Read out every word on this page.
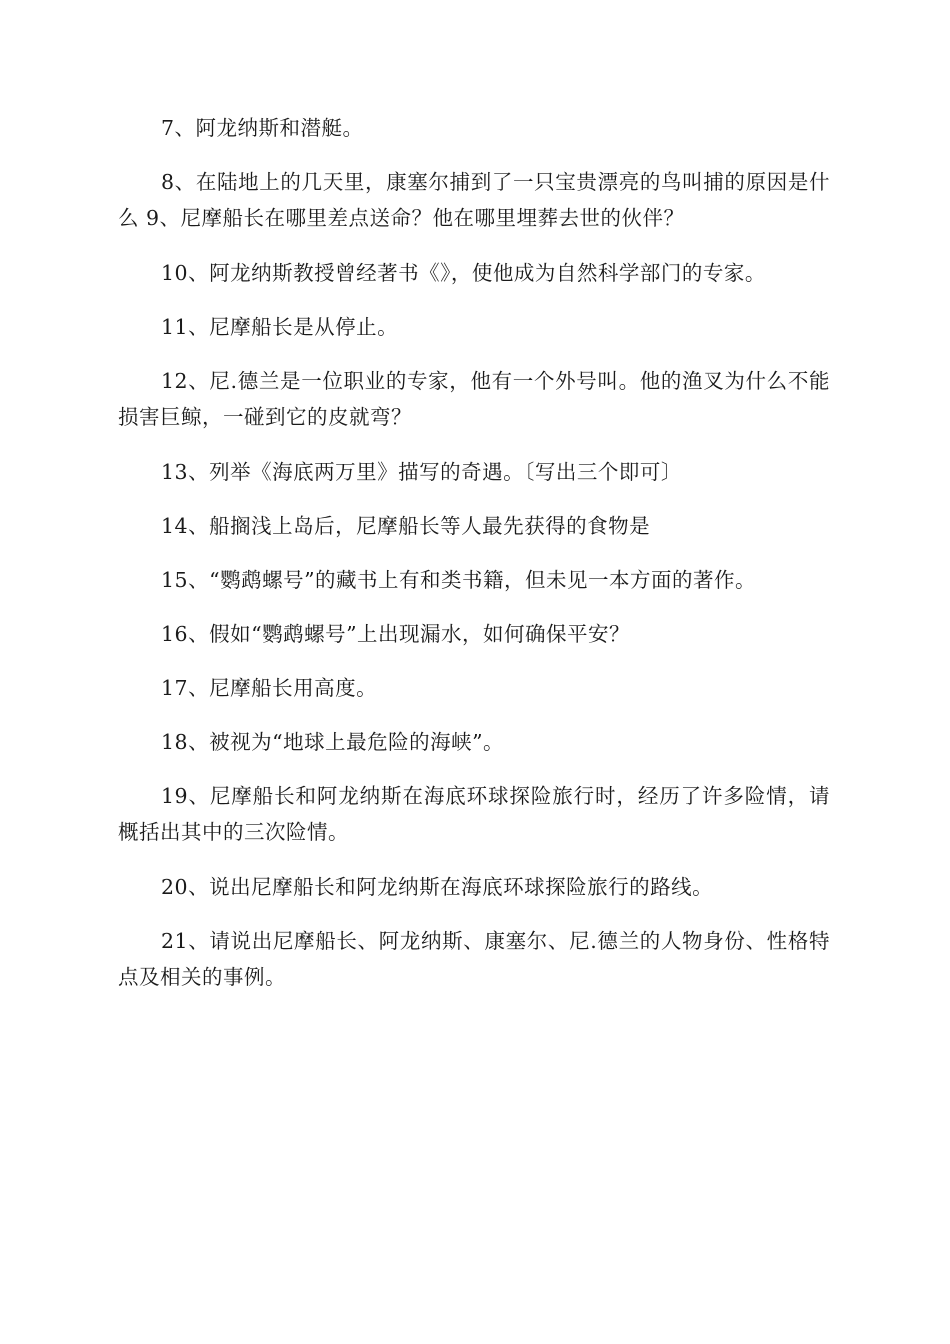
7、阿龙纳斯和潜艇。

8、在陆地上的几天里，康塞尔捕到了一只宝贵漂亮的鸟叫捕的原因是什么 9、尼摩船长在哪里差点送命？他在哪里埋葬去世的伙伴？

10、阿龙纳斯教授曾经著书《》，使他成为自然科学部门的专家。

11、尼摩船长是从停止。

12、尼.德兰是一位职业的专家，他有一个外号叫。他的渔叉为什么不能损害巨鲸，一碰到它的皮就弯？

13、列举《海底两万里》描写的奇遇。〔写出三个即可〕

14、船搁浅上岛后，尼摩船长等人最先获得的食物是

15、“鹦鹉螺号”的藏书上有和类书籍，但未见一本方面的著作。

16、假如“鹦鹉螺号”上出现漏水，如何确保平安？

17、尼摩船长用高度。

18、被视为“地球上最危险的海峡”。

19、尼摩船长和阿龙纳斯在海底环球探险旅行时，经历了许多险情，请概括出其中的三次险情。

20、说出尼摩船长和阿龙纳斯在海底环球探险旅行的路线。

21、请说出尼摩船长、阿龙纳斯、康塞尔、尼.德兰的人物身份、性格特点及相关的事例。
